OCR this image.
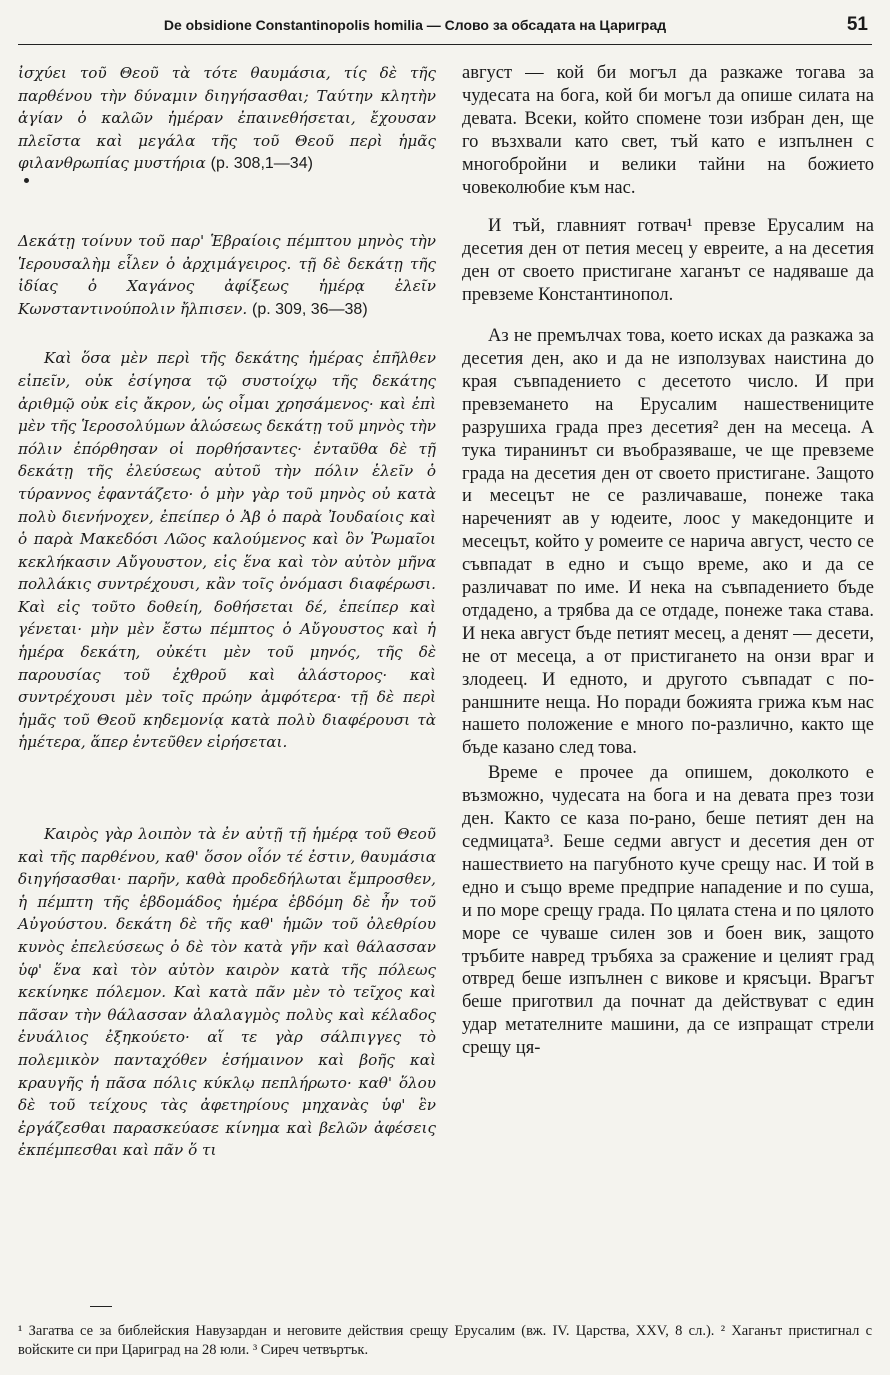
De obsidione Constantinopolis homilia — Слово за обсадата на Цариград	51

ἰσχύει τοῦ Θεοῦ τὰ τότε θαυμάσια, τίς δὲ τῆς παρθένου τὴν δύναμιν διηγήσασθαι; Ταύτην κλητὴν ἁγίαν ὁ καλῶν ἡμέραν ἐπαινεθήσεται, ἔχουσαν πλεῖστα καὶ μεγάλα τῆς τοῦ Θεοῦ περὶ ἡμᾶς φιλανθρωπίας μυστήρια (p. 308,1—34)

Δεκάτῃ τοίνυν τοῦ παρ' Ἑβραίοις πέμπτου μηνὸς τὴν Ἱερουσαλὴμ εἷλεν ὁ ἀρχιμάγειρος. τῇ δὲ δεκάτῃ τῆς ἰδίας ὁ Χαγάνος ἀφίξεως ἡμέρᾳ ἑλεῖν Κωνσταντινούπολιν ἤλπισεν. (p. 309, 36—38)

Καὶ ὅσα μὲν περὶ τῆς δεκάτης ἡμέρας ἐπῆλθεν εἰπεῖν, οὐκ ἐσίγησα τῷ συστοίχῳ τῆς δεκάτης ἀριθμῷ οὐκ εἰς ἄκρον, ὡς οἶμαι χρησάμενος· καὶ ἐπὶ μὲν τῆς Ἱεροσολύμων ἁλώσεως δεκάτῃ τοῦ μηνὸς τὴν πόλιν ἐπόρθησαν οἱ πορθήσαντες· ἐνταῦθα δὲ τῇ δεκάτῃ τῆς ἐλεύσεως αὐτοῦ τὴν πόλιν ἑλεῖν ὁ τύραννος ἐφαντάζετο· ὁ μὴν γὰρ τοῦ μηνὸς οὐ κατὰ πολὺ διενήνοχεν, ἐπείπερ ὁ Ἀβ ὁ παρὰ Ἰουδαίοις καὶ ὁ παρὰ Μακεδόσι Λῶος καλούμενος καὶ ὃν Ῥωμαῖοι κεκλήκασιν Αὔγουστον, εἰς ἕνα καὶ τὸν αὐτὸν μῆνα πολλάκις συντρέχουσι, κἂν τοῖς ὀνόμασι διαφέρωσι. Καὶ εἰς τοῦτο δοθείη, δοθήσεται δέ, ἐπείπερ καὶ γένεται· μὴν μὲν ἔστω πέμπτος ὁ Αὔγουστος καὶ ἡ ἡμέρα δεκάτη, οὐκέτι μὲν τοῦ μηνός, τῆς δὲ παρουσίας τοῦ ἐχθροῦ καὶ ἀλάστορος· καὶ συντρέχουσι μὲν τοῖς πρώην ἀμφότερα· τῇ δὲ περὶ ἡμᾶς τοῦ Θεοῦ κηδεμονίᾳ κατὰ πολὺ διαφέρουσι τὰ ἡμέτερα, ἅπερ ἐντεῦθεν εἰρήσεται.

Καιρὸς γὰρ λοιπὸν τὰ ἐν αὐτῇ τῇ ἡμέρᾳ τοῦ Θεοῦ καὶ τῆς παρθένου, καθ' ὅσον οἷόν τέ ἐστιν, θαυμάσια διηγήσασθαι· παρῆν, καθὰ προδεδήλωται ἔμπροσθεν, ἡ πέμπτη τῆς ἑβδομάδος ἡμέρα ἑβδόμη δὲ ἦν τοῦ Αὐγούστου. δεκάτη δὲ τῆς καθ' ἡμῶν τοῦ ὀλεθρίου κυνὸς ἐπελεύσεως ὁ δὲ τὸν κατὰ γῆν καὶ θάλασσαν ὑφ' ἕνα καὶ τὸν αὐτὸν καιρὸν κατὰ τῆς πόλεως κεκίνηκε πόλεμον. Καὶ κατὰ πᾶν μὲν τὸ τεῖχος καὶ πᾶσαν τὴν θάλασσαν ἀλαλαγμὸς πολὺς καὶ κέλαδος ἐνυάλιος ἐξηκούετο· αἵ τε γὰρ σάλπιγγες τὸ πολεμικὸν πανταχόθεν ἐσήμαινον καὶ βοῆς καὶ κραυγῆς ἡ πᾶσα πόλις κύκλῳ πεπλήρωτο· καθ' ὅλου δὲ τοῦ τείχους τὰς ἀφετηρίους μηχανὰς ὑφ' ἓν ἐργάζεσθαι παρασκεύασε κίνημα καὶ βελῶν ἀφέσεις ἐκπέμπεσθαι καὶ πᾶν ὅ τι

август — кой би могъл да разкаже тогава за чудесата на бога, кой би могъл да опише силата на девата. Всеки, който спомене този избран ден, ще го възхвали като свет, тъй като е изпълнен с многобройни и велики тайни на божието човеколюбие към нас.

И тъй, главният готвач¹ превзе Ерусалим на десетия ден от петия месец у евреите, а на десетия ден от своето пристигане хаганът се надяваше да превземе Константинопол.

Аз не премълчах това, което исках да разкажа за десетия ден, ако и да не използувах наистина до края съвпадението с десетото число. И при превземането на Ерусалим нашествениците разрушиха града през десетия² ден на месеца. А тука тиранинът си въобразяваше, че ще превземе града на десетия ден от своето пристигане. Защото и месецът не се различаваше, понеже така нареченият ав у юдеите, лоос у македонците и месецът, който у ромеите се нарича август, често се съвпадат в едно и също време, ако и да се различават по име. И нека на съвпадението бъде отдадено, а трябва да се отдаде, понеже така става. И нека август бъде петият месец, а денят — десети, не от месеца, а от пристигането на онзи враг и злодеец. И едното, и другото съвпадат с по-раншните неща. Но поради божията грижа към нас нашето положение е много по-различно, както ще бъде казано след това.

Време е прочее да опишем, доколкото е възможно, чудесата на бога и на девата през този ден. Както се каза по-рано, беше петият ден на седмицата³. Беше седми август и десетия ден от нашествието на пагубното куче срещу нас. И той в едно и също време предприе нападение и по суша, и по море срещу града. По цялата стена и по цялото море се чуваше силен зов и боен вик, защото тръбите навред тръбяха за сражение и целият град отвред беше изпълнен с викове и крясъци. Врагът беше приготвил да почнат да действуват с един удар метателните машини, да се изпращат стрели срещу ця-

¹ Загатва се за библейския Навузардан и неговите действия срещу Ерусалим (вж. IV. Царства, XXV, 8 сл.). ² Хаганът пристигнал с войските си при Цариград на 28 юли. ³ Сиреч четвъртък.
